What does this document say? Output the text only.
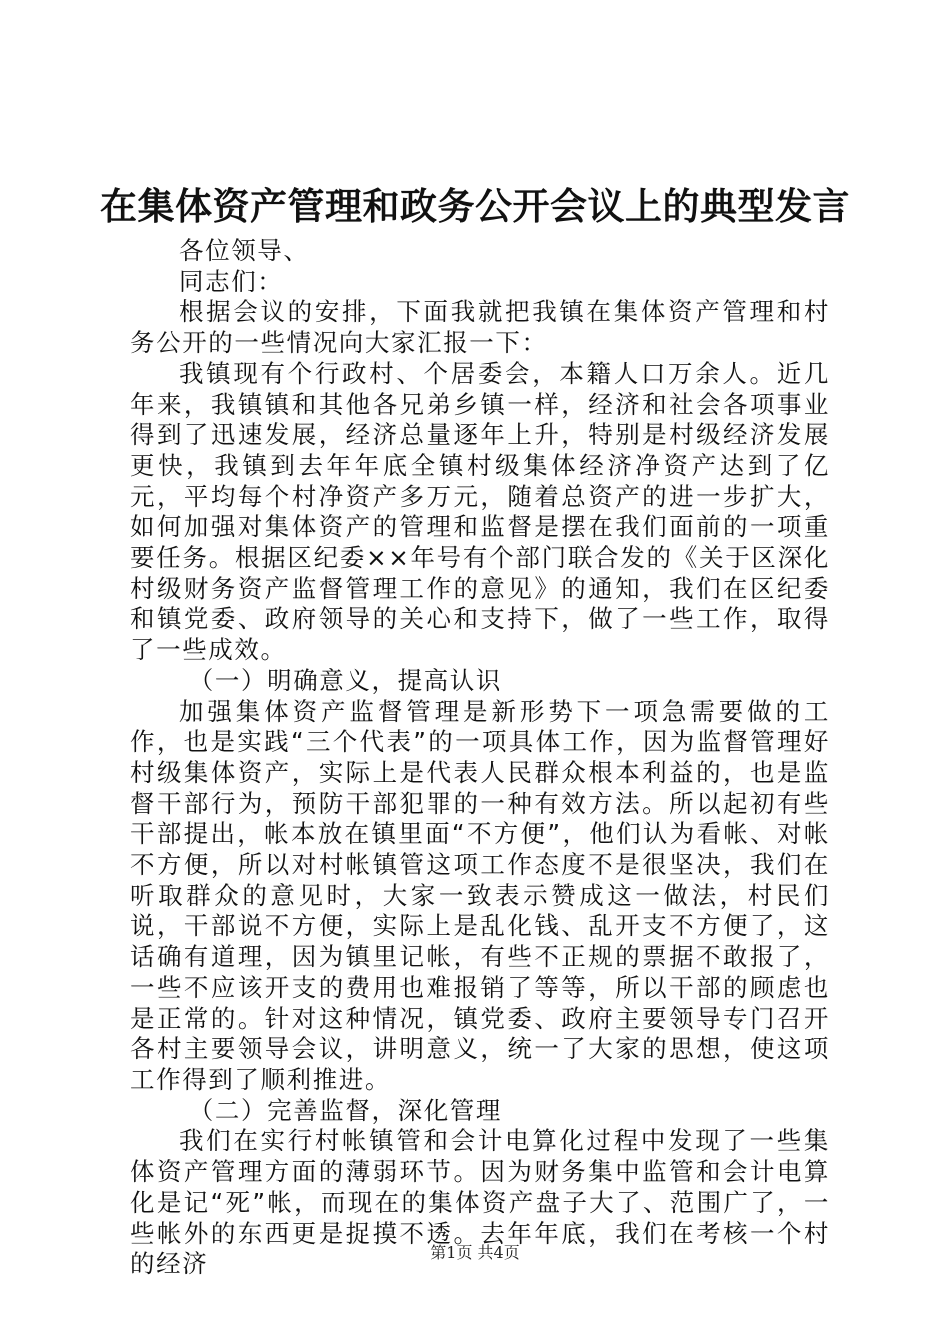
在集体资产管理和政务公开会议上的典型发言

各位领导、

同志们：

根据会议的安排，下面我就把我镇在集体资产管理和村务公开的一些情况向大家汇报一下：

我镇现有个行政村、个居委会，本籍人口万余人。近几年来，我镇镇和其他各兄弟乡镇一样，经济和社会各项事业得到了迅速发展，经济总量逐年上升，特别是村级经济发展更快，我镇到去年年底全镇村级集体经济净资产达到了亿元，平均每个村净资产多万元，随着总资产的进一步扩大，如何加强对集体资产的管理和监督是摆在我们面前的一项重要任务。根据区纪委××年号有个部门联合发的《关于区深化村级财务资产监督管理工作的意见》的通知，我们在区纪委和镇党委、政府领导的关心和支持下，做了一些工作，取得了一些成效。

（一）明确意义，提高认识

加强集体资产监督管理是新形势下一项急需要做的工作，也是实践“三个代表”的一项具体工作，因为监督管理好村级集体资产，实际上是代表人民群众根本利益的，也是监督干部行为，预防干部犯罪的一种有效方法。所以起初有些干部提出，帐本放在镇里面“不方便”，他们认为看帐、对帐不方便，所以对村帐镇管这项工作态度不是很坚决，我们在听取群众的意见时，大家一致表示赞成这一做法，村民们说，干部说不方便，实际上是乱化钱、乱开支不方便了，这话确有道理，因为镇里记帐，有些不正规的票据不敢报了，一些不应该开支的费用也难报销了等等，所以干部的顾虑也是正常的。针对这种情况，镇党委、政府主要领导专门召开各村主要领导会议，讲明意义，统一了大家的思想，使这项工作得到了顺利推进。

（二）完善监督，深化管理

我们在实行村帐镇管和会计电算化过程中发现了一些集体资产管理方面的薄弱环节。因为财务集中监管和会计电算化是记“死”帐，而现在的集体资产盘子大了、范围广了，一些帐外的东西更是捉摸不透。去年年底，我们在考核一个村的经济	第1页 共4页
